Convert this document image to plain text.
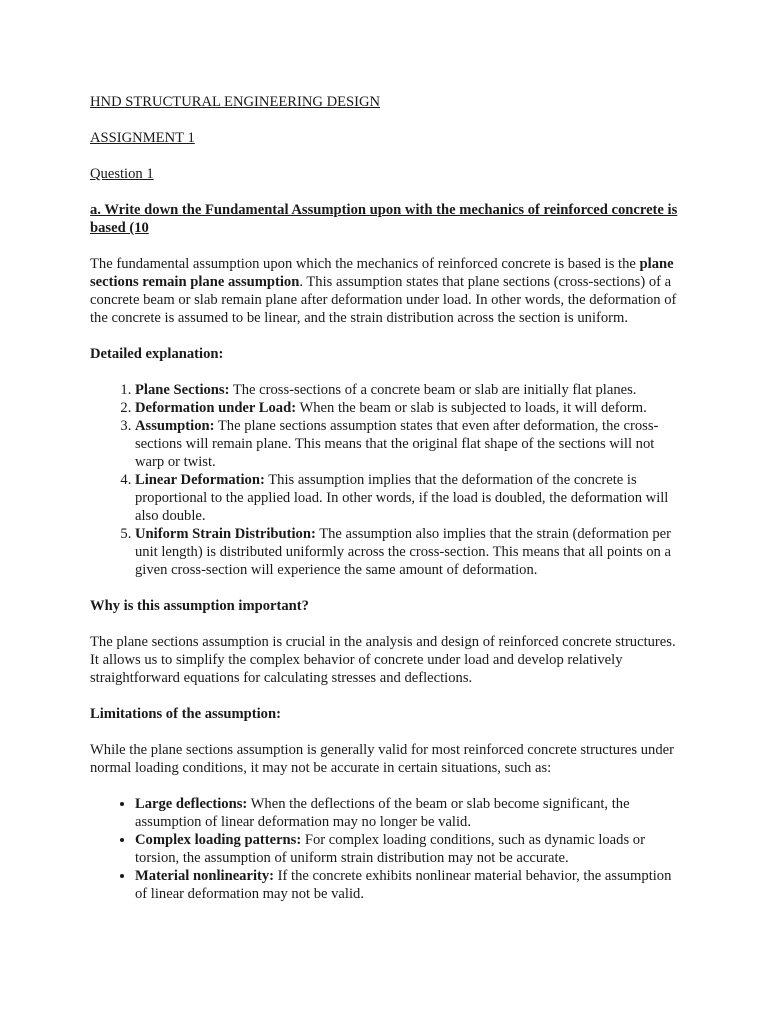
HND STRUCTURAL ENGINEERING DESIGN

ASSIGNMENT 1

Question 1

a. Write down the Fundamental Assumption upon with the mechanics of reinforced concrete is based (10

The fundamental assumption upon which the mechanics of reinforced concrete is based is the plane sections remain plane assumption. This assumption states that plane sections (cross-sections) of a concrete beam or slab remain plane after deformation under load. In other words, the deformation of the concrete is assumed to be linear, and the strain distribution across the section is uniform.

Detailed explanation:

1. Plane Sections: The cross-sections of a concrete beam or slab are initially flat planes.
2. Deformation under Load: When the beam or slab is subjected to loads, it will deform.
3. Assumption: The plane sections assumption states that even after deformation, the cross-sections will remain plane. This means that the original flat shape of the sections will not warp or twist.
4. Linear Deformation: This assumption implies that the deformation of the concrete is proportional to the applied load. In other words, if the load is doubled, the deformation will also double.
5. Uniform Strain Distribution: The assumption also implies that the strain (deformation per unit length) is distributed uniformly across the cross-section. This means that all points on a given cross-section will experience the same amount of deformation.

Why is this assumption important?

The plane sections assumption is crucial in the analysis and design of reinforced concrete structures. It allows us to simplify the complex behavior of concrete under load and develop relatively straightforward equations for calculating stresses and deflections.

Limitations of the assumption:

While the plane sections assumption is generally valid for most reinforced concrete structures under normal loading conditions, it may not be accurate in certain situations, such as:

• Large deflections: When the deflections of the beam or slab become significant, the assumption of linear deformation may no longer be valid.
• Complex loading patterns: For complex loading conditions, such as dynamic loads or torsion, the assumption of uniform strain distribution may not be accurate.
• Material nonlinearity: If the concrete exhibits nonlinear material behavior, the assumption of linear deformation may not be valid.
